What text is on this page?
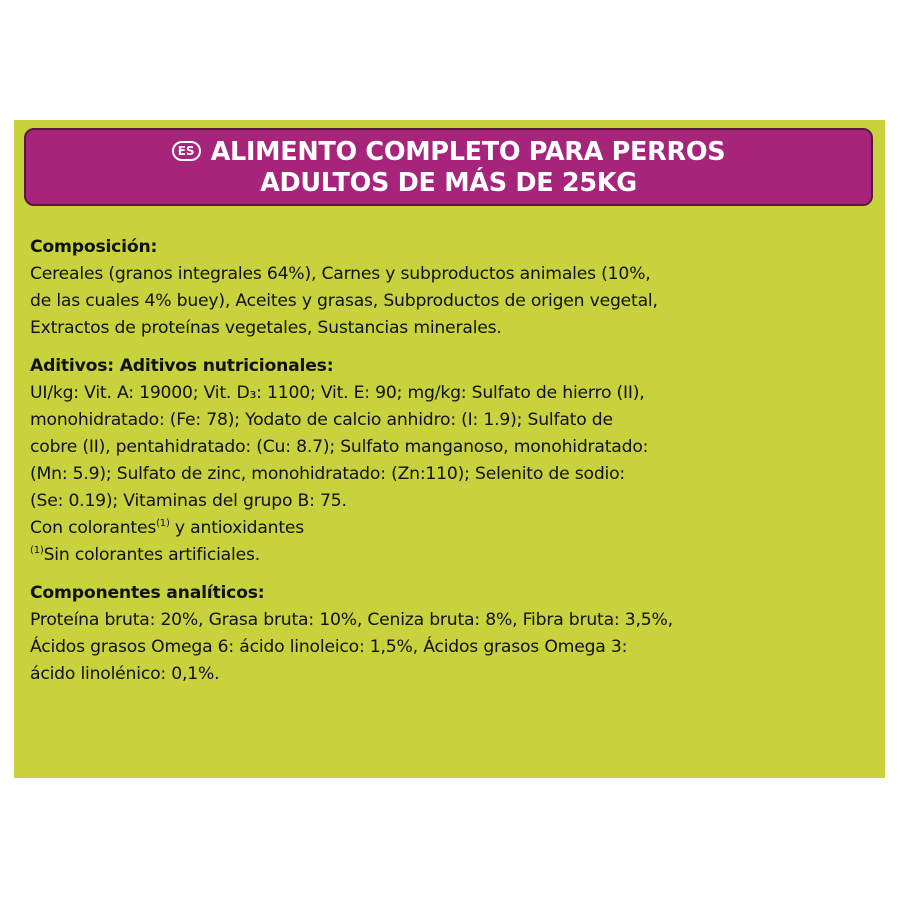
ES ALIMENTO COMPLETO PARA PERROS
ADULTOS DE MÁS DE 25KG
Composición:
Cereales (granos integrales 64%), Carnes y subproductos animales (10%,
de las cuales 4% buey), Aceites y grasas, Subproductos de origen vegetal,
Extractos de proteínas vegetales, Sustancias minerales.
Aditivos: Aditivos nutricionales:
UI/kg: Vit. A: 19000; Vit. D₃: 1100; Vit. E: 90; mg/kg: Sulfato de hierro (II),
monohidratado: (Fe: 78); Yodato de calcio anhidro: (I: 1.9); Sulfato de
cobre (II), pentahidratado: (Cu: 8.7); Sulfato manganoso, monohidratado:
(Mn: 5.9); Sulfato de zinc, monohidratado: (Zn:110); Selenito de sodio:
(Se: 0.19); Vitaminas del grupo B: 75.
Con colorantes$^{(1)}$ y antioxidantes
$^{(1)}$Sin colorantes artificiales.
Componentes analíticos:
Proteína bruta: 20%, Grasa bruta: 10%, Ceniza bruta: 8%, Fibra bruta: 3,5%,
Ácidos grasos Omega 6: ácido linoleico: 1,5%, Ácidos grasos Omega 3:
ácido linolénico: 0,1%.
